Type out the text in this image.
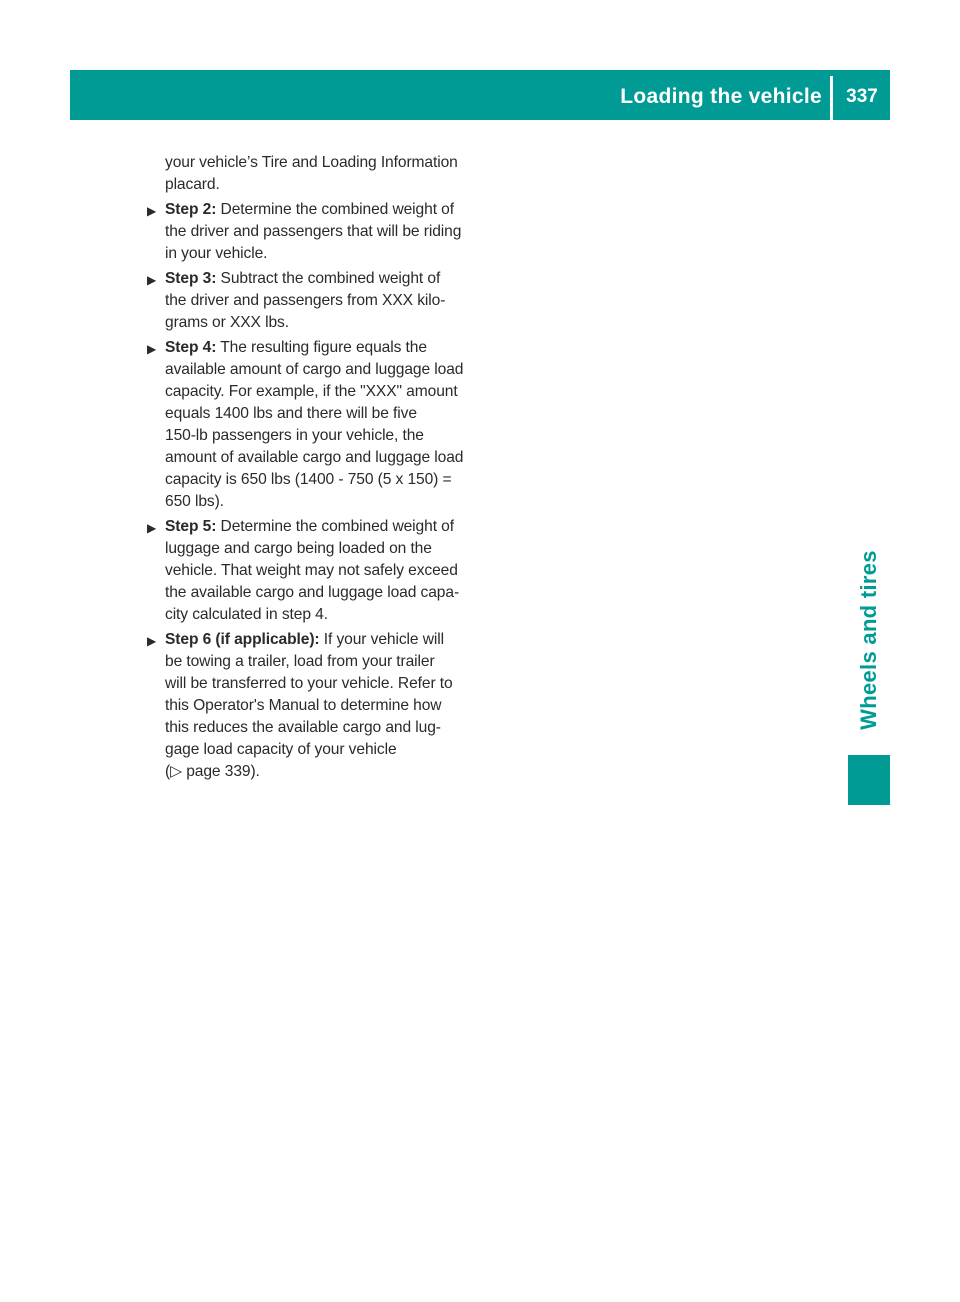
Loading the vehicle	337
Wheels and tires

your vehicle’s Tire and Loading Information
placard.

▶ Step 2: Determine the combined weight of
the driver and passengers that will be riding
in your vehicle.

▶ Step 3: Subtract the combined weight of
the driver and passengers from XXX kilo-
grams or XXX lbs.

▶ Step 4: The resulting figure equals the
available amount of cargo and luggage load
capacity. For example, if the "XXX" amount
equals 1400 lbs and there will be five
150-lb passengers in your vehicle, the
amount of available cargo and luggage load
capacity is 650 lbs (1400 - 750 (5 x 150) =
650 lbs).

▶ Step 5: Determine the combined weight of
luggage and cargo being loaded on the
vehicle. That weight may not safely exceed
the available cargo and luggage load capa-
city calculated in step 4.

▶ Step 6 (if applicable): If your vehicle will
be towing a trailer, load from your trailer
will be transferred to your vehicle. Refer to
this Operator's Manual to determine how
this reduces the available cargo and lug-
gage load capacity of your vehicle
(▷ page 339).
